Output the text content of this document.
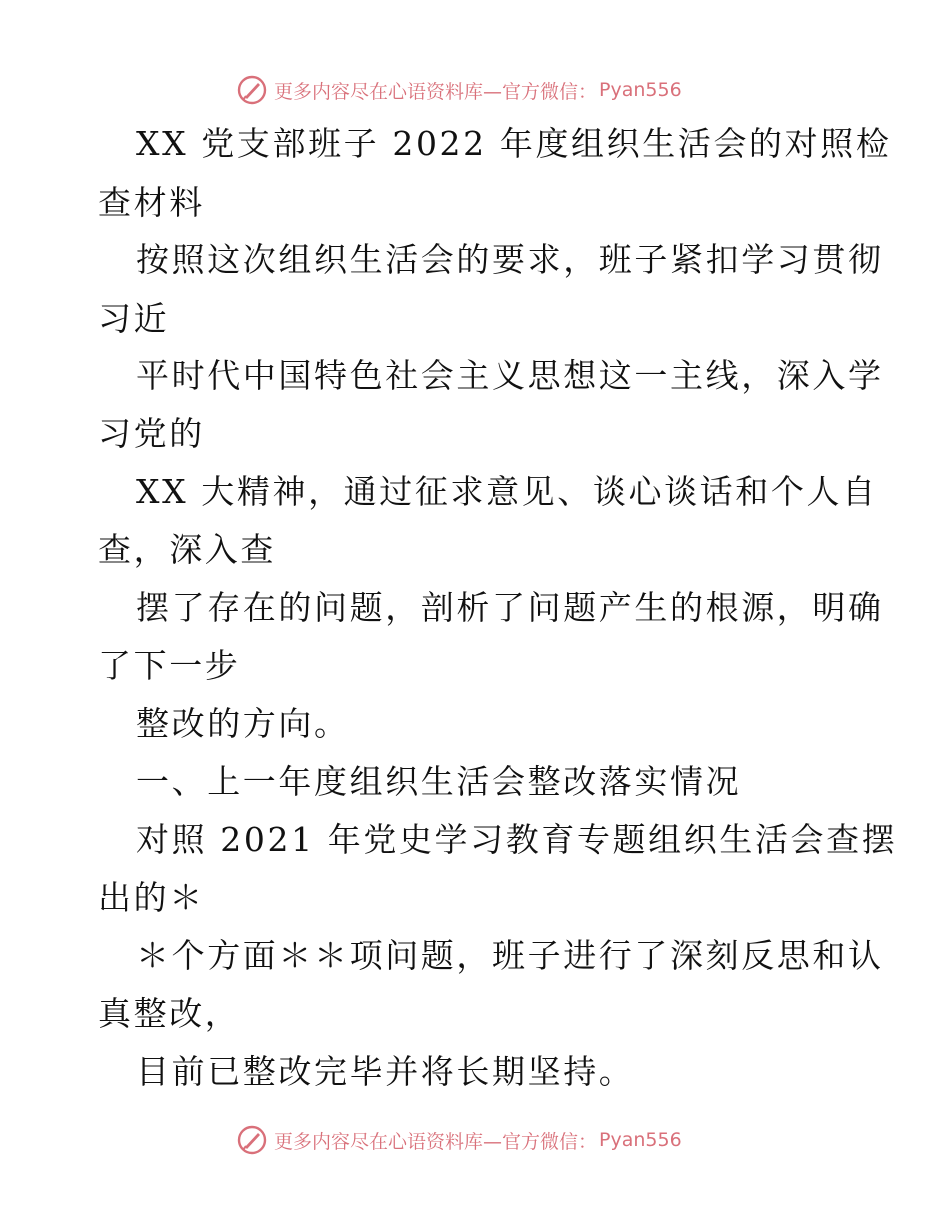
更多内容尽在心语资料库—官方微信： Pyan556
XX 党支部班子 2022 年度组织生活会的对照检
查材料
按照这次组织生活会的要求，班子紧扣学习贯彻
习近
平时代中国特色社会主义思想这一主线，深入学
习党的
XX 大精神，通过征求意见、谈心谈话和个人自
查，深入查
摆了存在的问题，剖析了问题产生的根源，明确
了下一步
整改的方向。
一、上一年度组织生活会整改落实情况
对照 2021 年党史学习教育专题组织生活会查摆
出的＊
＊个方面＊＊项问题，班子进行了深刻反思和认
真整改，
目前已整改完毕并将长期坚持。
更多内容尽在心语资料库—官方微信： Pyan556
